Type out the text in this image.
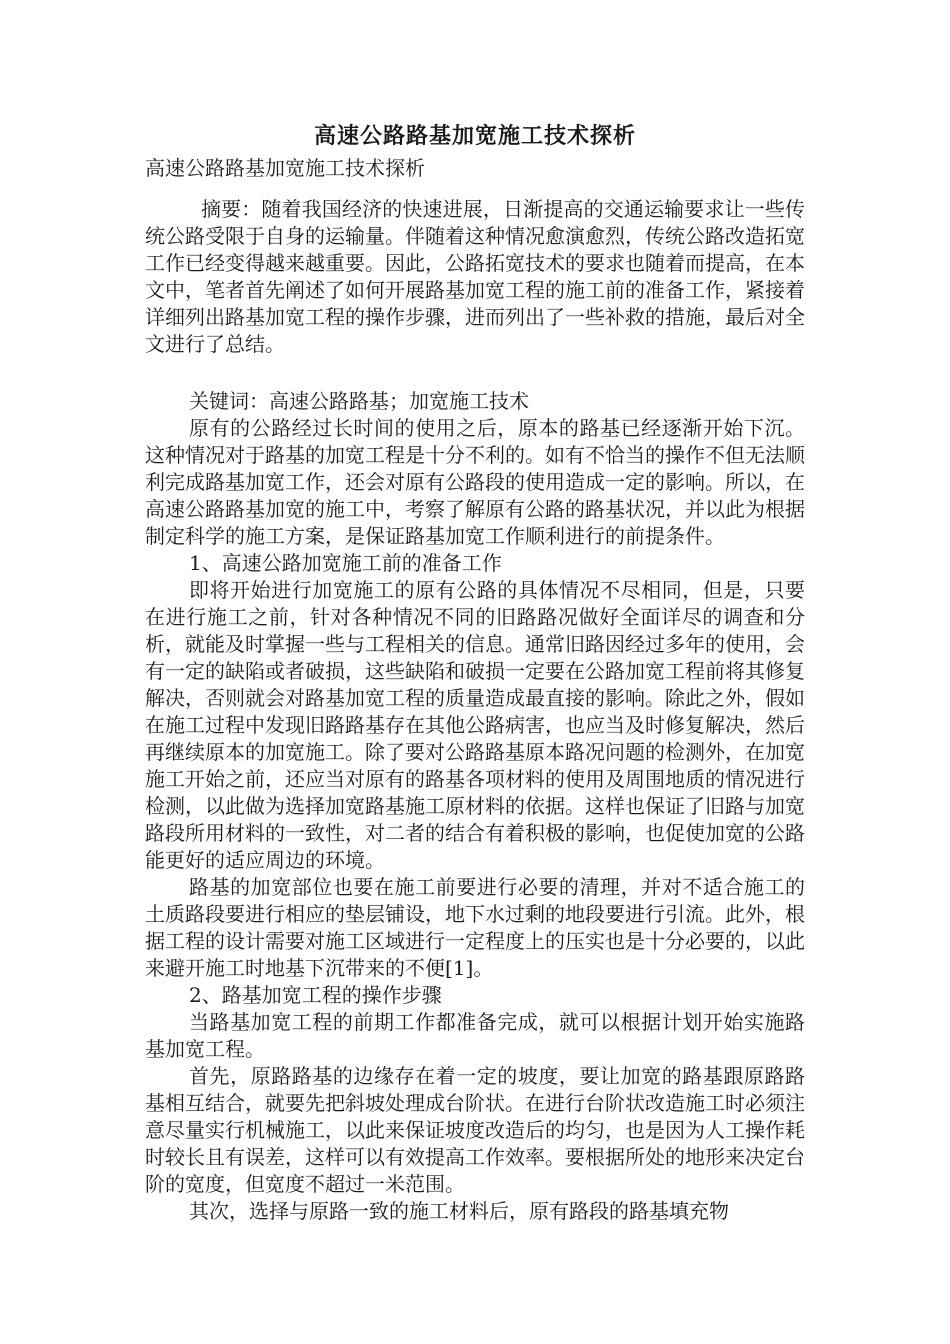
高速公路路基加宽施工技术探析

高速公路路基加宽施工技术探析

摘要：随着我国经济的快速进展，日渐提高的交通运输要求让一些传统公路受限于自身的运输量。伴随着这种情况愈演愈烈，传统公路改造拓宽工作已经变得越来越重要。因此，公路拓宽技术的要求也随着而提高，在本文中，笔者首先阐述了如何开展路基加宽工程的施工前的准备工作，紧接着详细列出路基加宽工程的操作步骤，进而列出了一些补救的措施，最后对全文进行了总结。

关键词：高速公路路基；加宽施工技术

原有的公路经过长时间的使用之后，原本的路基已经逐渐开始下沉。这种情况对于路基的加宽工程是十分不利的。如有不恰当的操作不但无法顺利完成路基加宽工作，还会对原有公路段的使用造成一定的影响。所以，在高速公路路基加宽的施工中，考察了解原有公路的路基状况，并以此为根据制定科学的施工方案，是保证路基加宽工作顺利进行的前提条件。

1、高速公路加宽施工前的准备工作

即将开始进行加宽施工的原有公路的具体情况不尽相同，但是，只要在进行施工之前，针对各种情况不同的旧路路况做好全面详尽的调查和分析，就能及时掌握一些与工程相关的信息。通常旧路因经过多年的使用，会有一定的缺陷或者破损，这些缺陷和破损一定要在公路加宽工程前将其修复解决，否则就会对路基加宽工程的质量造成最直接的影响。除此之外，假如在施工过程中发现旧路路基存在其他公路病害，也应当及时修复解决，然后再继续原本的加宽施工。除了要对公路路基原本路况问题的检测外，在加宽施工开始之前，还应当对原有的路基各项材料的使用及周围地质的情况进行检测，以此做为选择加宽路基施工原材料的依据。这样也保证了旧路与加宽路段所用材料的一致性，对二者的结合有着积极的影响，也促使加宽的公路能更好的适应周边的环境。

路基的加宽部位也要在施工前要进行必要的清理，并对不适合施工的土质路段要进行相应的垫层铺设，地下水过剩的地段要进行引流。此外，根据工程的设计需要对施工区域进行一定程度上的压实也是十分必要的，以此来避开施工时地基下沉带来的不便[1]。

2、路基加宽工程的操作步骤

当路基加宽工程的前期工作都准备完成，就可以根据计划开始实施路基加宽工程。

首先，原路路基的边缘存在着一定的坡度，要让加宽的路基跟原路路基相互结合，就要先把斜坡处理成台阶状。在进行台阶状改造施工时必须注意尽量实行机械施工，以此来保证坡度改造后的均匀，也是因为人工操作耗时较长且有误差，这样可以有效提高工作效率。要根据所处的地形来决定台阶的宽度，但宽度不超过一米范围。

其次，选择与原路一致的施工材料后，原有路段的路基填充物
